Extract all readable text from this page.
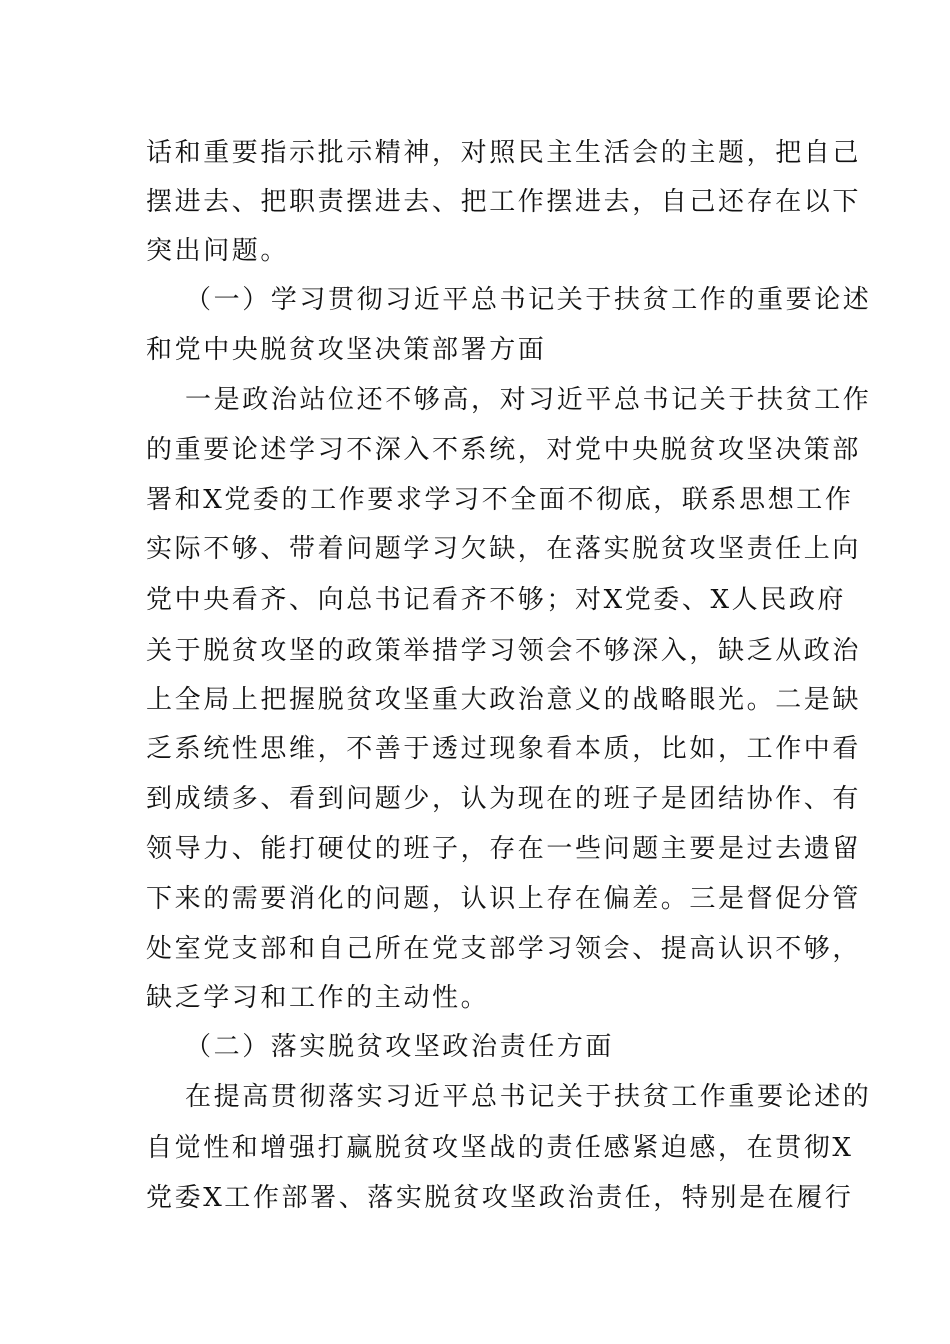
话和重要指示批示精神，对照民主生活会的主题，把自己
摆进去、把职责摆进去、把工作摆进去，自己还存在以下
突出问题。
（一）学习贯彻习近平总书记关于扶贫工作的重要论述
和党中央脱贫攻坚决策部署方面
一是政治站位还不够高，对习近平总书记关于扶贫工作
的重要论述学习不深入不系统，对党中央脱贫攻坚决策部
署和X党委的工作要求学习不全面不彻底，联系思想工作
实际不够、带着问题学习欠缺，在落实脱贫攻坚责任上向
党中央看齐、向总书记看齐不够；对X党委、X人民政府
关于脱贫攻坚的政策举措学习领会不够深入，缺乏从政治
上全局上把握脱贫攻坚重大政治意义的战略眼光。二是缺
乏系统性思维，不善于透过现象看本质，比如，工作中看
到成绩多、看到问题少，认为现在的班子是团结协作、有
领导力、能打硬仗的班子，存在一些问题主要是过去遗留
下来的需要消化的问题，认识上存在偏差。三是督促分管
处室党支部和自己所在党支部学习领会、提高认识不够，
缺乏学习和工作的主动性。
（二）落实脱贫攻坚政治责任方面
在提高贯彻落实习近平总书记关于扶贫工作重要论述的
自觉性和增强打赢脱贫攻坚战的责任感紧迫感，在贯彻X
党委X工作部署、落实脱贫攻坚政治责任，特别是在履行
